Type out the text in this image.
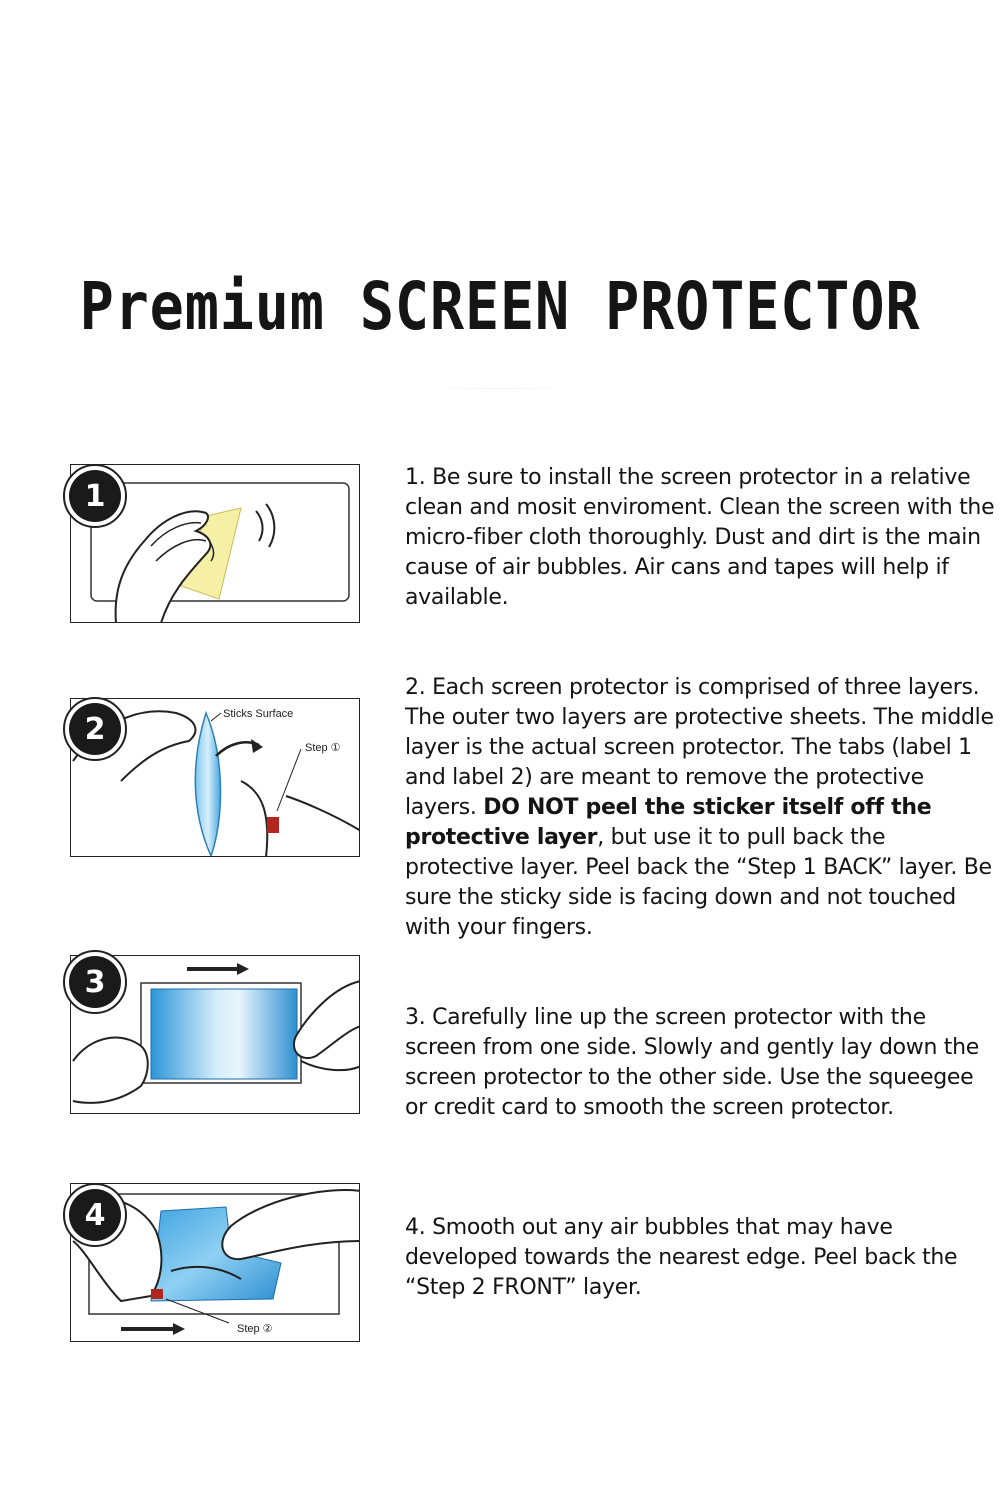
Premium SCREEN PROTECTOR
1
1. Be sure to install the screen protector in a relative clean and mosit enviroment. Clean the screen with the micro-fiber cloth thoroughly. Dust and dirt is the main cause of air bubbles. Air cans and tapes will help if available.
Sticks Surface
Step ①
2
2. Each screen protector is comprised of three layers. The outer two layers are protective sheets. The middle layer is the actual screen protector. The tabs (label 1 and label 2) are meant to remove the protective layers. DO NOT peel the sticker itself off the protective layer, but use it to pull back the protective layer. Peel back the “Step 1 BACK” layer. Be sure the sticky side is facing down and not touched with your fingers.
3
3. Carefully line up the screen protector with the screen from one side. Slowly and gently lay down the screen protector to the other side. Use the squeegee or credit card to smooth the screen protector.
Step ②
4	4. Smooth out any air bubbles that may have developed towards the nearest edge. Peel back the “Step 2 FRONT” layer.
